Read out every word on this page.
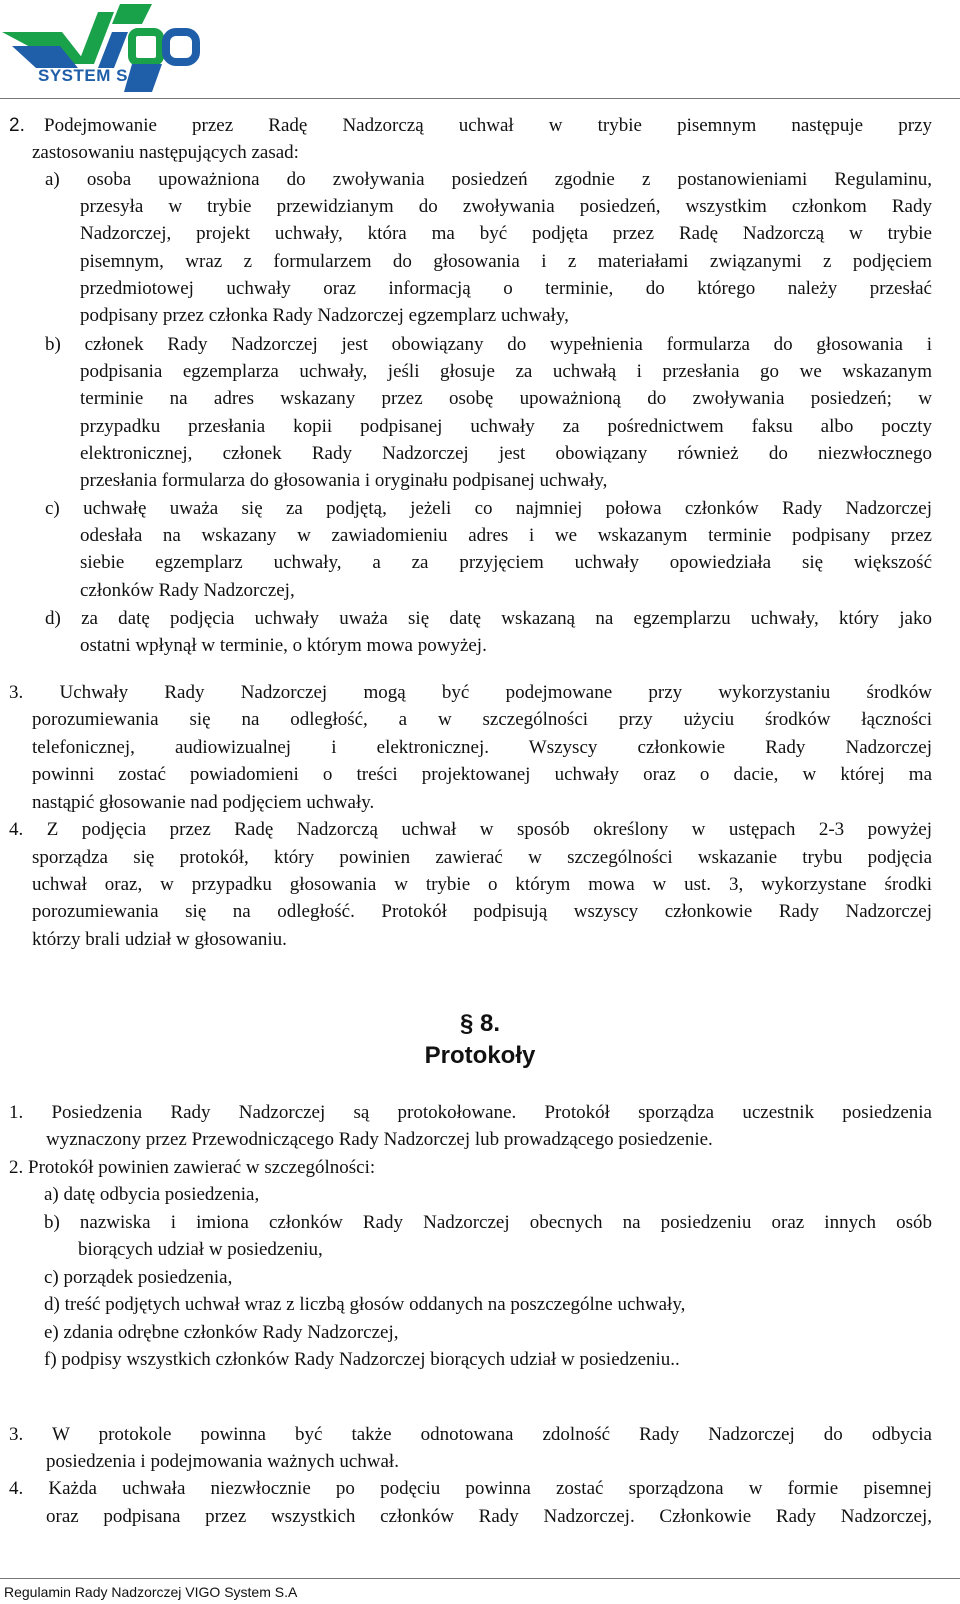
SYSTEM S.A.
2. Podejmowanie przez Radę Nadzorczą uchwał w trybie pisemnym następuje przy
zastosowaniu następujących zasad:
a) osoba upoważniona do zwoływania posiedzeń zgodnie z postanowieniami Regulaminu,
przesyła w trybie przewidzianym do zwoływania posiedzeń, wszystkim członkom Rady
Nadzorczej, projekt uchwały, która ma być podjęta przez Radę Nadzorczą w trybie
pisemnym, wraz z formularzem do głosowania i z materiałami związanymi z podjęciem
przedmiotowej uchwały oraz informacją o terminie, do którego należy przesłać
podpisany przez członka Rady Nadzorczej egzemplarz uchwały,
b) członek Rady Nadzorczej jest obowiązany do wypełnienia formularza do głosowania i
podpisania egzemplarza uchwały, jeśli głosuje za uchwałą i przesłania go we wskazanym
terminie na adres wskazany przez osobę upoważnioną do zwoływania posiedzeń; w
przypadku przesłania kopii podpisanej uchwały za pośrednictwem faksu albo poczty
elektronicznej, członek Rady Nadzorczej jest obowiązany również do niezwłocznego
przesłania formularza do głosowania i oryginału podpisanej uchwały,
c) uchwałę uważa się za podjętą, jeżeli co najmniej połowa członków Rady Nadzorczej
odesłała na wskazany w zawiadomieniu adres i we wskazanym terminie podpisany przez
siebie egzemplarz uchwały, a za przyjęciem uchwały opowiedziała się większość
członków Rady Nadzorczej,
d) za datę podjęcia uchwały uważa się datę wskazaną na egzemplarzu uchwały, który jako
ostatni wpłynął w terminie, o którym mowa powyżej.
3. Uchwały Rady Nadzorczej mogą być podejmowane przy wykorzystaniu środków
porozumiewania się na odległość, a w szczególności przy użyciu środków łączności
telefonicznej, audiowizualnej i elektronicznej. Wszyscy członkowie Rady Nadzorczej
powinni zostać powiadomieni o treści projektowanej uchwały oraz o dacie, w której ma
nastąpić głosowanie nad podjęciem uchwały.
4. Z podjęcia przez Radę Nadzorczą uchwał w sposób określony w ustępach 2-3 powyżej
sporządza się protokół, który powinien zawierać w szczególności wskazanie trybu podjęcia
uchwał oraz, w przypadku głosowania w trybie o którym mowa w ust. 3, wykorzystane środki
porozumiewania się na odległość. Protokół podpisują wszyscy członkowie Rady Nadzorczej
którzy brali udział w głosowaniu.
§ 8.
Protokoły
1. Posiedzenia Rady Nadzorczej są protokołowane. Protokół sporządza uczestnik posiedzenia
wyznaczony przez Przewodniczącego Rady Nadzorczej lub prowadzącego posiedzenie.
2. Protokół powinien zawierać w szczególności:
a) datę odbycia posiedzenia,
b) nazwiska i imiona członków Rady Nadzorczej obecnych na posiedzeniu oraz innych osób
biorących udział w posiedzeniu,
c) porządek posiedzenia,
d) treść podjętych uchwał wraz z liczbą głosów oddanych na poszczególne uchwały,
e) zdania odrębne członków Rady Nadzorczej,
f) podpisy wszystkich członków Rady Nadzorczej biorących udział w posiedzeniu..
3. W protokole powinna być także odnotowana zdolność Rady Nadzorczej do odbycia
posiedzenia i podejmowania ważnych uchwał.
4. Każda uchwała niezwłocznie po podęciu powinna zostać sporządzona w formie pisemnej
oraz podpisana przez wszystkich członków Rady Nadzorczej. Członkowie Rady Nadzorczej,
Regulamin Rady Nadzorczej VIGO System S.A
